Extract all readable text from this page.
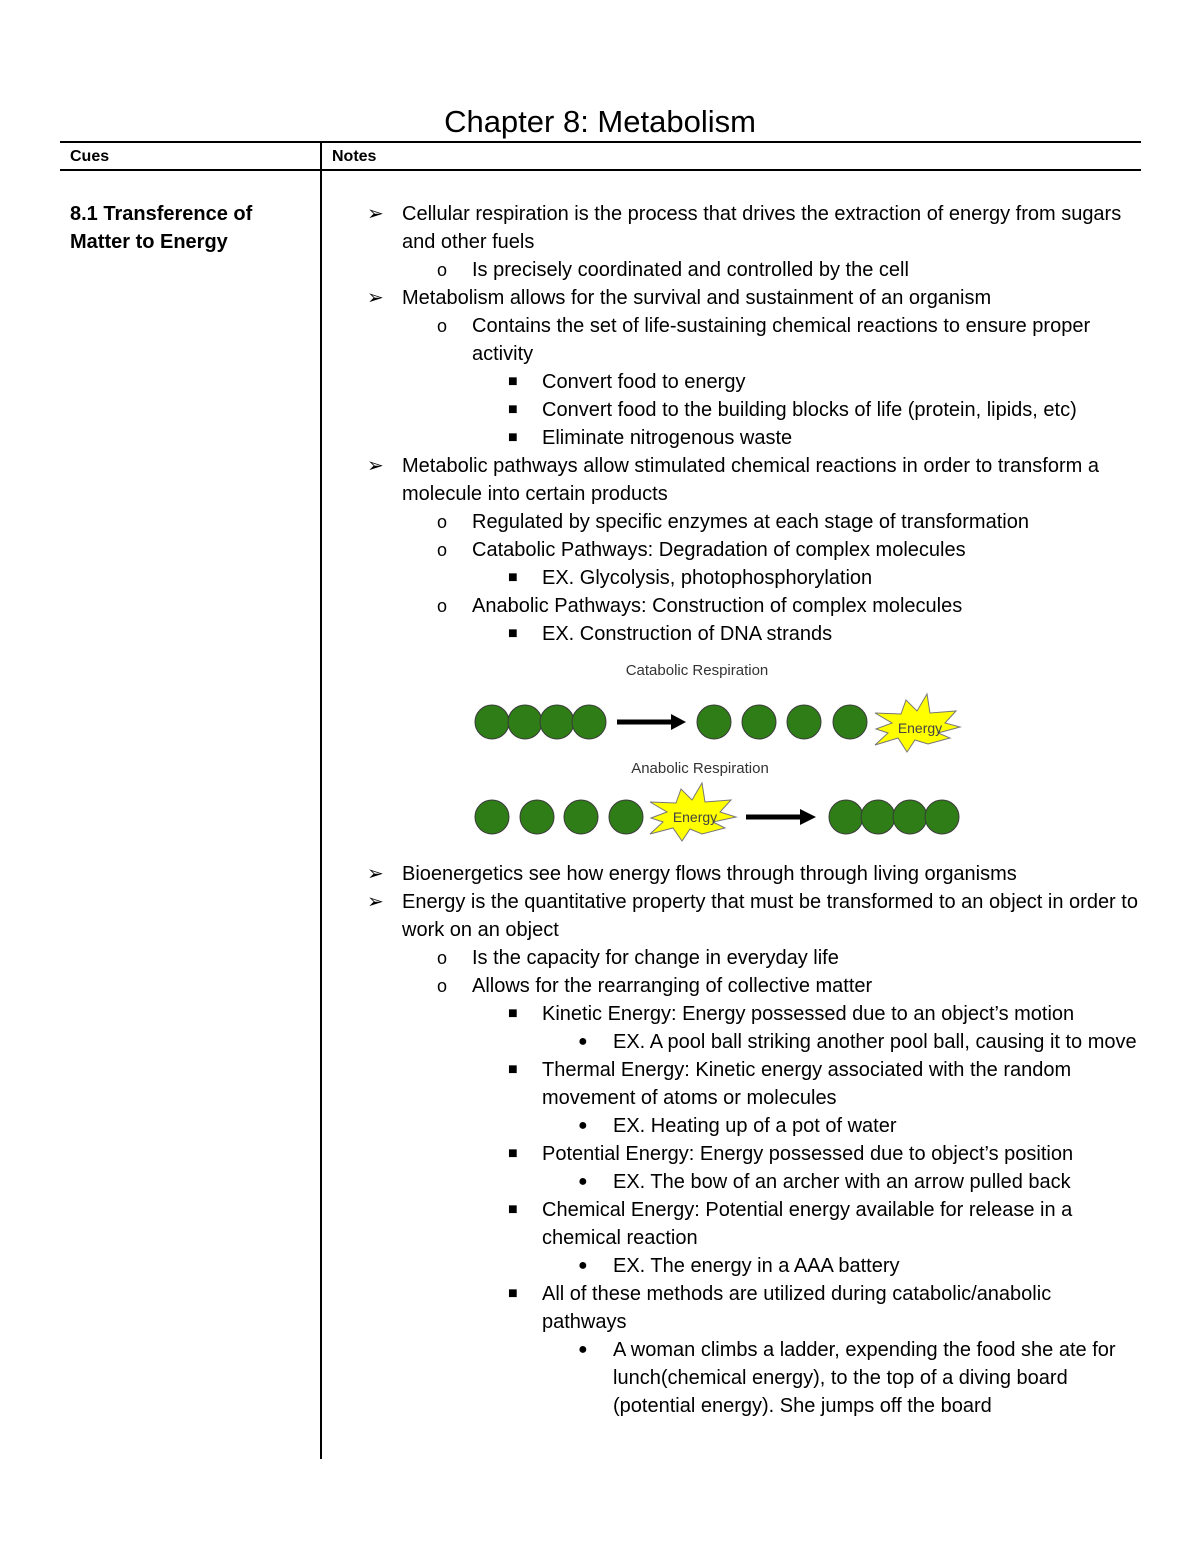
Chapter 8: Metabolism
Cues	Notes
8.1 Transference of Matter to Energy
➢ Cellular respiration is the process that drives the extraction of energy from sugars and other fuels
o Is precisely coordinated and controlled by the cell
➢ Metabolism allows for the survival and sustainment of an organism
o Contains the set of life-sustaining chemical reactions to ensure proper activity
■ Convert food to energy
■ Convert food to the building blocks of life (protein, lipids, etc)
■ Eliminate nitrogenous waste
➢ Metabolic pathways allow stimulated chemical reactions in order to transform a molecule into certain products
o Regulated by specific enzymes at each stage of transformation
o Catabolic Pathways: Degradation of complex molecules
■ EX. Glycolysis, photophosphorylation
o Anabolic Pathways: Construction of complex molecules
■ EX. Construction of DNA strands
Catabolic Respiration
Energy
Anabolic Respiration
Energy
➢ Bioenergetics see how energy flows through through living organisms
➢ Energy is the quantitative property that must be transformed to an object in order to work on an object
o Is the capacity for change in everyday life
o Allows for the rearranging of collective matter
■ Kinetic Energy: Energy possessed due to an object’s motion
● EX. A pool ball striking another pool ball, causing it to move
■ Thermal Energy: Kinetic energy associated with the random movement of atoms or molecules
● EX. Heating up of a pot of water
■ Potential Energy: Energy possessed due to object’s position
● EX. The bow of an archer with an arrow pulled back
■ Chemical Energy: Potential energy available for release in a chemical reaction
● EX. The energy in a AAA battery
■ All of these methods are utilized during catabolic/anabolic pathways
● A woman climbs a ladder, expending the food she ate for lunch(chemical energy), to the top of a diving board (potential energy). She jumps off the board
